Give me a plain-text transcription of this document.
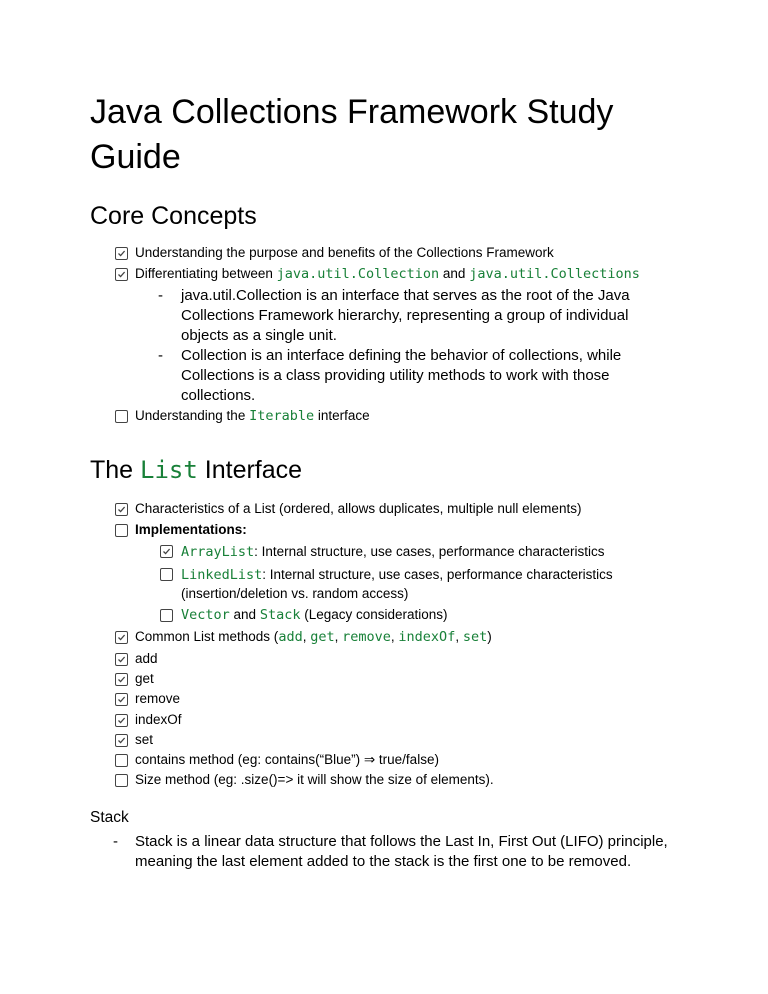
Java Collections Framework Study Guide
Core Concepts
Understanding the purpose and benefits of the Collections Framework
Differentiating between java.util.Collection and java.util.Collections
- java.util.Collection is an interface that serves as the root of the Java
Collections Framework hierarchy, representing a group of individual
objects as a single unit.
- Collection is an interface defining the behavior of collections, while
Collections is a class providing utility methods to work with those
collections.
Understanding the Iterable interface
The List Interface
Characteristics of a List (ordered, allows duplicates, multiple null elements)
Implementations:
ArrayList: Internal structure, use cases, performance characteristics
LinkedList: Internal structure, use cases, performance characteristics
(insertion/deletion vs. random access)
Vector and Stack (Legacy considerations)
Common List methods (add, get, remove, indexOf, set)
add
get
remove
indexOf
set
contains method (eg: contains(“Blue”) ⇒ true/false)
Size method (eg: .size()=> it will show the size of elements).
Stack
- Stack is a linear data structure that follows the Last In, First Out (LIFO) principle,
meaning the last element added to the stack is the first one to be removed.
